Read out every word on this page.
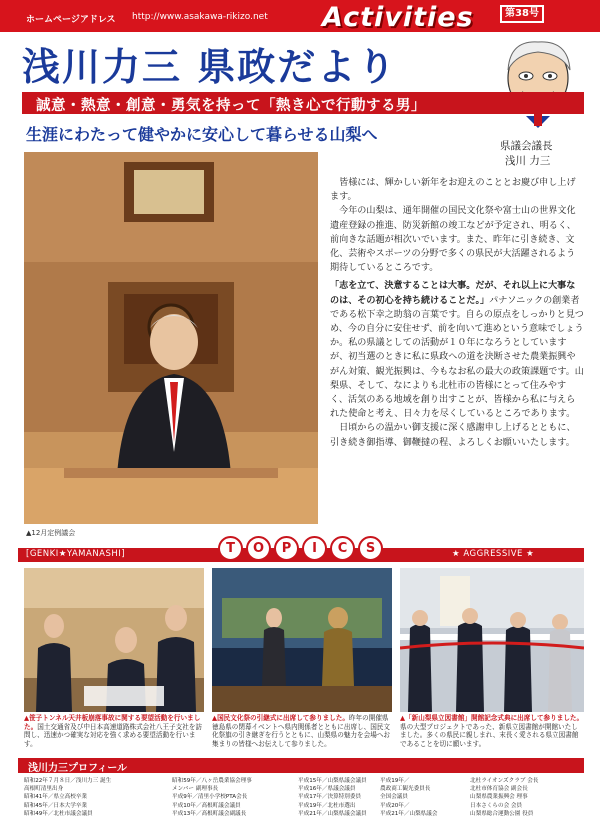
ホームページアドレス http://www.asakawa-rikizo.net Activities	第38号
浅川力三 県政だより
誠意・熱意・創意・勇気を持って「熱き心で行動する男」
生涯にわたって健やかに安心して暮らせる山梨へ
県議会議長
浅川 力三
▲12月定例議会

皆様には、輝かしい新年をお迎えのこととお慶び申し上げます。

今年の山梨は、通年開催の国民文化祭や富士山の世界文化遺産登録の推進、防災新館の竣工などが予定され、明るく、前向きな話題が相次いでいます。また、昨年に引き続き、文化、芸術やスポーツの分野で多くの県民が大活躍されるよう期待しているところです。

「志を立て、決意することは大事。だが、それ以上に大事なのは、その初心を持ち続けることだ。」パナソニックの創業者である松下幸之助翁の言葉です。自らの原点をしっかりと見つめ、今の自分に安住せず、前を向いて進めという意味でしょうか。私の県議としての活動が１０年になろうとしていますが、初当選のときに私に県政への道を決断させた農業振興やがん対策、観光振興は、今もなお私の最大の政策課題です。山梨県、そして、なによりも北杜市の皆様にとって住みやすく、活気のある地域を創り出すことが、皆様から私に与えられた使命と考え、日々力を尽くしているところであります。

日頃からの温かい御支援に深く感謝申し上げるとともに、引き続き御指導、御鞭撻の程、よろしくお願いいたします。

[GENKI★YAMANASHI]	★ AGGRESSIVE ★
T	O	P	I	C	S
▲笹子トンネル天井板崩落事故に関する要望活動を行いました。国土交通省及び中日本高速道路株式会社八王子支社を訪問し、迅速かつ確実な対応を強く求める要望活動を行います。
▲国民文化祭の引継式に出席して参りました。昨年の開催県徳島県の閉幕イベントへ県内関係者とともに出席し、国民文化祭旗の引き継ぎを行うとともに、山梨県の魅力を会場へお集まりの皆様へお伝えして参りました。
▲「新山梨県立図書館」開館記念式典に出席して参りました。県の大型プロジェクトであった、新県立図書館が開館いたしました。多くの県民に親しまれ、末長く愛される県立図書館であることを切に願います。
浅川力三プロフィール
昭和22年７月８日／浅川力三 誕生
高根町清里出身
昭和41年／県立高校卒業
昭和45年／日本大学卒業
昭和49年／北杜市議会議員
昭和59年／八ヶ岳農業協会理事
メンバー 副理事長
平成9年／清里小学校PTA会長
平成10年／高根町議会議員
平成13年／高根町議会副議長
平成15年／山梨県議会議員
平成16年／県議会議員
平成17年／決算特別委員
平成19年／北杜市選出
平成21年／山梨県議会議員
平成19年／
農政商工観光委員長
全国会議員
平成20年／
平成21年／山梨県議会
北杜ライオンズクラブ 会長
北杜市体育協会 副会長
山梨県農業振興会 理事
日本さくらの会 会員
山梨県総合運動公園 役員
